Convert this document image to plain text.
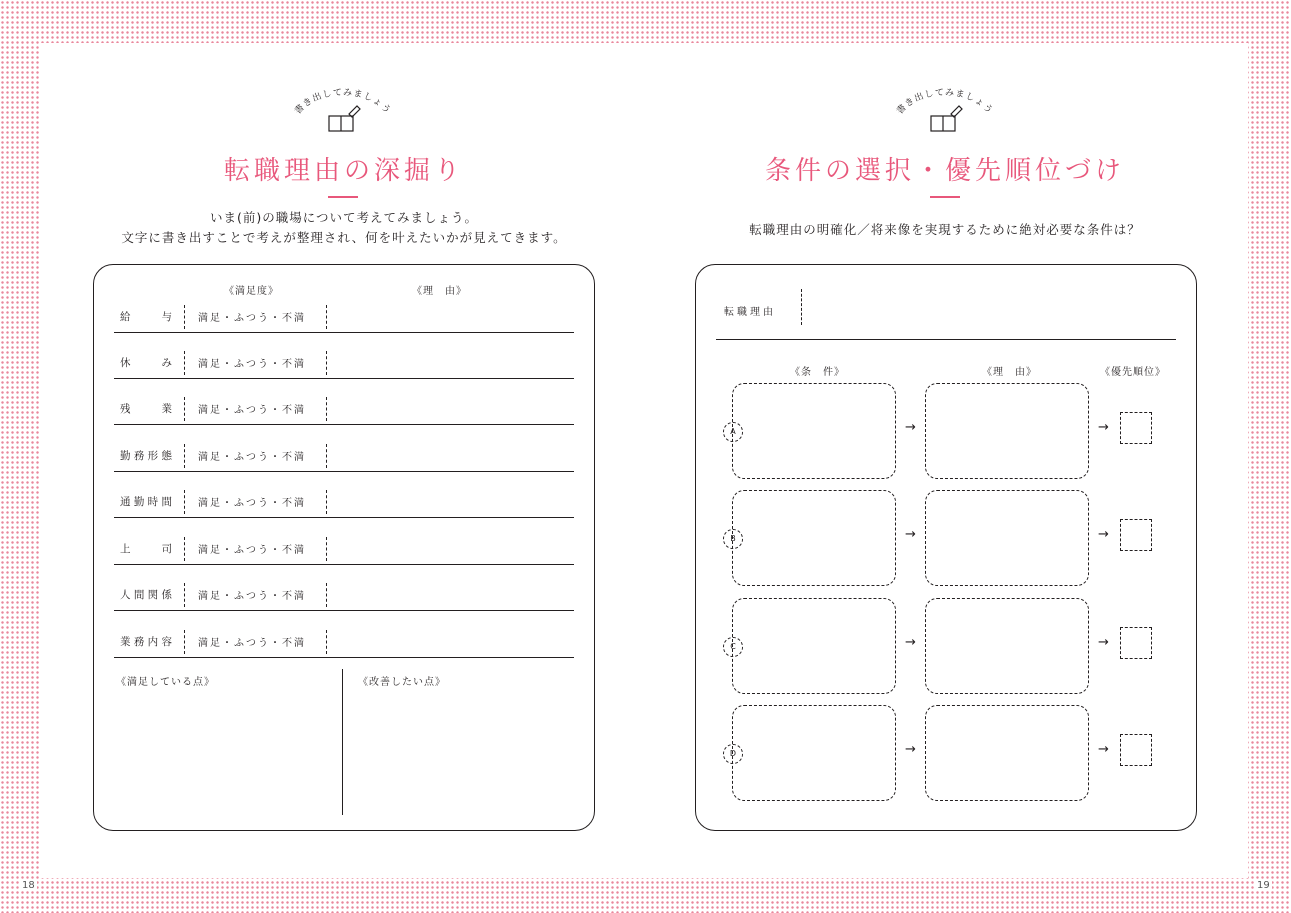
書き出してみましょう
転職理由の深掘り
いま(前)の職場について考えてみましょう。
文字に書き出すことで考えが整理され、何を叶えたいかが見えてきます。
《満足度》	《理　由》
給与	満足・ふつう・不満
休み	満足・ふつう・不満
残業	満足・ふつう・不満
勤務形態	満足・ふつう・不満
通勤時間	満足・ふつう・不満
上司	満足・ふつう・不満
人間関係	満足・ふつう・不満
業務内容	満足・ふつう・不満
《満足している点》	《改善したい点》
18
書き出してみましょう
条件の選択・優先順位づけ
転職理由の明確化／将来像を実現するために絶対必要な条件は？
転職理由
《条　件》	《理　由》	《優先順位》
A	→	→
B	→	→
C	→	→
D	→	→
19
